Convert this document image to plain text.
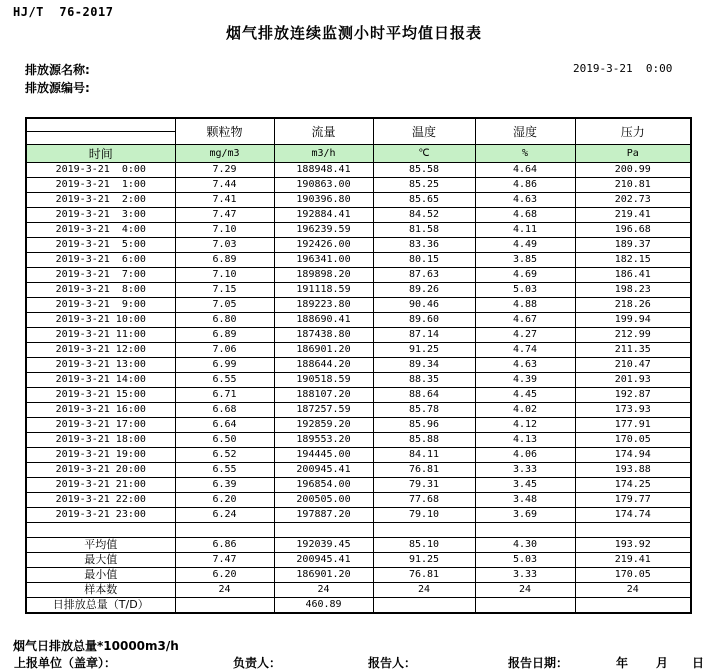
HJ/T  76-2017
烟气排放连续监测小时平均值日报表
排放源名称:
排放源编号:
2019-3-21  0:00
	颗粒物	流量	温度	湿度	压力

时间	mg/m3	m3/h	℃	%	Pa
2019-3-21  0:00	7.29	188948.41	85.58	4.64	200.99
2019-3-21  1:00	7.44	190863.00	85.25	4.86	210.81
2019-3-21  2:00	7.41	190396.80	85.65	4.63	202.73
2019-3-21  3:00	7.47	192884.41	84.52	4.68	219.41
2019-3-21  4:00	7.10	196239.59	81.58	4.11	196.68
2019-3-21  5:00	7.03	192426.00	83.36	4.49	189.37
2019-3-21  6:00	6.89	196341.00	80.15	3.85	182.15
2019-3-21  7:00	7.10	189898.20	87.63	4.69	186.41
2019-3-21  8:00	7.15	191118.59	89.26	5.03	198.23
2019-3-21  9:00	7.05	189223.80	90.46	4.88	218.26
2019-3-21 10:00	6.80	188690.41	89.60	4.67	199.94
2019-3-21 11:00	6.89	187438.80	87.14	4.27	212.99
2019-3-21 12:00	7.06	186901.20	91.25	4.74	211.35
2019-3-21 13:00	6.99	188644.20	89.34	4.63	210.47
2019-3-21 14:00	6.55	190518.59	88.35	4.39	201.93
2019-3-21 15:00	6.71	188107.20	88.64	4.45	192.87
2019-3-21 16:00	6.68	187257.59	85.78	4.02	173.93
2019-3-21 17:00	6.64	192859.20	85.96	4.12	177.91
2019-3-21 18:00	6.50	189553.20	85.88	4.13	170.05
2019-3-21 19:00	6.52	194445.00	84.11	4.06	174.94
2019-3-21 20:00	6.55	200945.41	76.81	3.33	193.88
2019-3-21 21:00	6.39	196854.00	79.31	3.45	174.25
2019-3-21 22:00	6.20	200505.00	77.68	3.48	179.77
2019-3-21 23:00	6.24	197887.20	79.10	3.69	174.74

平均值	6.86	192039.45	85.10	4.30	193.92
最大值	7.47	200945.41	91.25	5.03	219.41
最小值	6.20	186901.20	76.81	3.33	170.05
样本数	24	24	24	24	24
日排放总量（T/D）		460.89			
烟气日排放总量*10000m3/h
上报单位（盖章）：	负责人：	报告人：	报告日期：	年 月 日
